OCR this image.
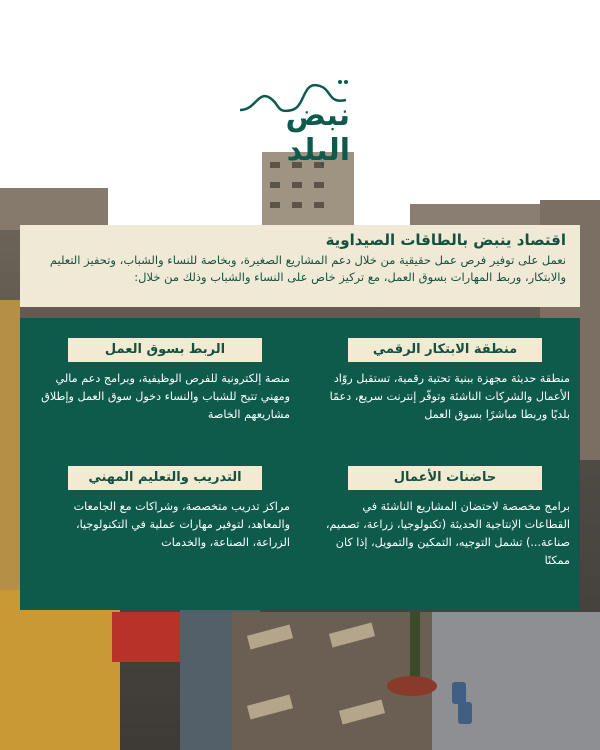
نبض البلد
اقتصاد ينبض بالطاقات الصيداوية

نعمل على توفير فرص عمل حقيقية من خلال دعم المشاريع الصغيرة، وبخاصة للنساء والشباب، وتحفيز التعليم والابتكار، وربط المهارات بسوق العمل، مع تركيز خاص على النساء والشباب وذلك من خلال:

منطقة الابتكار الرقمي

منطقة حديثة مجهزة ببنية تحتية رقمية، تستقبل روّاد الأعمال والشركات الناشئة وتوفّر إنترنت سريع، دعمًا بلديًا وربطا مباشرًا بسوق العمل

الربط بسوق العمل

منصة إلكترونية للفرص الوظيفية، وبرامج دعم مالي ومهني تتيح للشباب والنساء دخول سوق العمل وإطلاق مشاريعهم الخاصة

حاضنات الأعمال

برامج مخصصة لاحتضان المشاريع الناشئة في القطاعات الإنتاجية الحديثة (تكنولوجيا، زراعة، تصميم، صناعة...) تشمل التوجيه، التمكين والتمويل، إذا كان ممكنًا

التدريب والتعليم المهني

مراكز تدريب متخصصة، وشراكات مع الجامعات والمعاهد، لتوفير مهارات عملية في التكنولوجيا، الزراعة، الصناعة، والخدمات
